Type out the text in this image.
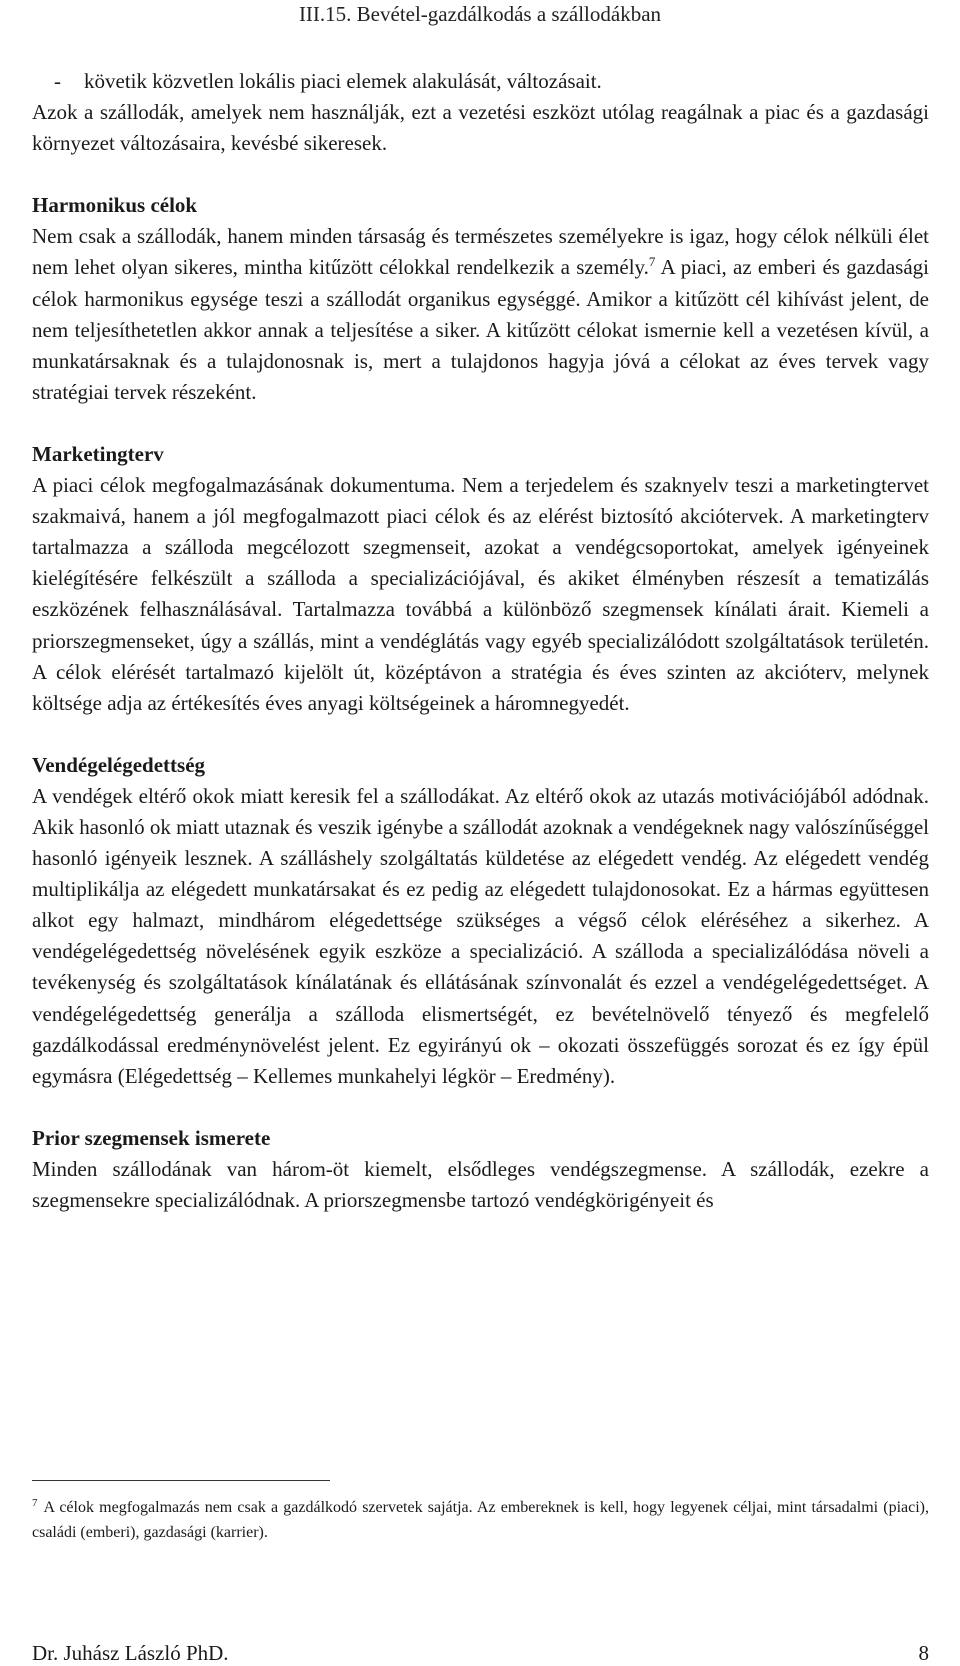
III.15. Bevétel-gazdálkodás a szállodákban

- követik közvetlen lokális piaci elemek alakulását, változásait.

Azok a szállodák, amelyek nem használják, ezt a vezetési eszközt utólag reagálnak a piac és a gazdasági környezet változásaira, kevésbé sikeresek.

Harmonikus célok

Nem csak a szállodák, hanem minden társaság és természetes személyekre is igaz, hogy célok nélküli élet nem lehet olyan sikeres, mintha kitűzött célokkal rendelkezik a személy.$^7$ A piaci, az emberi és gazdasági célok harmonikus egysége teszi a szállodát organikus egységgé. Amikor a kitűzött cél kihívást jelent, de nem teljesíthetetlen akkor annak a teljesítése a siker. A kitűzött célokat ismernie kell a vezetésen kívül, a munkatársaknak és a tulajdonosnak is, mert a tulajdonos hagyja jóvá a célokat az éves tervek vagy stratégiai tervek részeként.

Marketingterv

A piaci célok megfogalmazásának dokumentuma. Nem a terjedelem és szaknyelv teszi a marketingtervet szakmaivá, hanem a jól megfogalmazott piaci célok és az elérést biztosító akciótervek. A marketingterv tartalmazza a szálloda megcélozott szegmenseit, azokat a vendégcsoportokat, amelyek igényeinek kielégítésére felkészült a szálloda a specializációjával, és akiket élményben részesít a tematizálás eszközének felhasználásával. Tartalmazza továbbá a különböző szegmensek kínálati árait. Kiemeli a priorszegmenseket, úgy a szállás, mint a vendéglátás vagy egyéb specializálódott szolgáltatások területén. A célok elérését tartalmazó kijelölt út, középtávon a stratégia és éves szinten az akcióterv, melynek költsége adja az értékesítés éves anyagi költségeinek a háromnegyedét.

Vendégelégedettség

A vendégek eltérő okok miatt keresik fel a szállodákat. Az eltérő okok az utazás motivációjából adódnak. Akik hasonló ok miatt utaznak és veszik igénybe a szállodát azoknak a vendégeknek nagy valószínűséggel hasonló igényeik lesznek. A szálláshely szolgáltatás küldetése az elégedett vendég. Az elégedett vendég multiplikálja az elégedett munkatársakat és ez pedig az elégedett tulajdonosokat. Ez a hármas együttesen alkot egy halmazt, mindhárom elégedettsége szükséges a végső célok eléréséhez a sikerhez. A vendégelégedettség növelésének egyik eszköze a specializáció. A szálloda a specializálódása növeli a tevékenység és szolgáltatások kínálatának és ellátásának színvonalát és ezzel a vendégelégedettséget. A vendégelégedettség generálja a szálloda elismertségét, ez bevételnövelő tényező és megfelelő gazdálkodással eredménynövelést jelent. Ez egyirányú ok – okozati összefüggés sorozat és ez így épül egymásra (Elégedettség – Kellemes munkahelyi légkör – Eredmény).

Prior szegmensek ismerete

Minden szállodának van három-öt kiemelt, elsődleges vendégszegmense. A szállodák, ezekre a szegmensekre specializálódnak. A priorszegmensbe tartozó vendégkörigényeit és

$^7$ A célok megfogalmazás nem csak a gazdálkodó szervetek sajátja. Az embereknek is kell, hogy legyenek céljai, mint társadalmi (piaci), családi (emberi), gazdasági (karrier).
Dr. Juhász László PhD.	8
